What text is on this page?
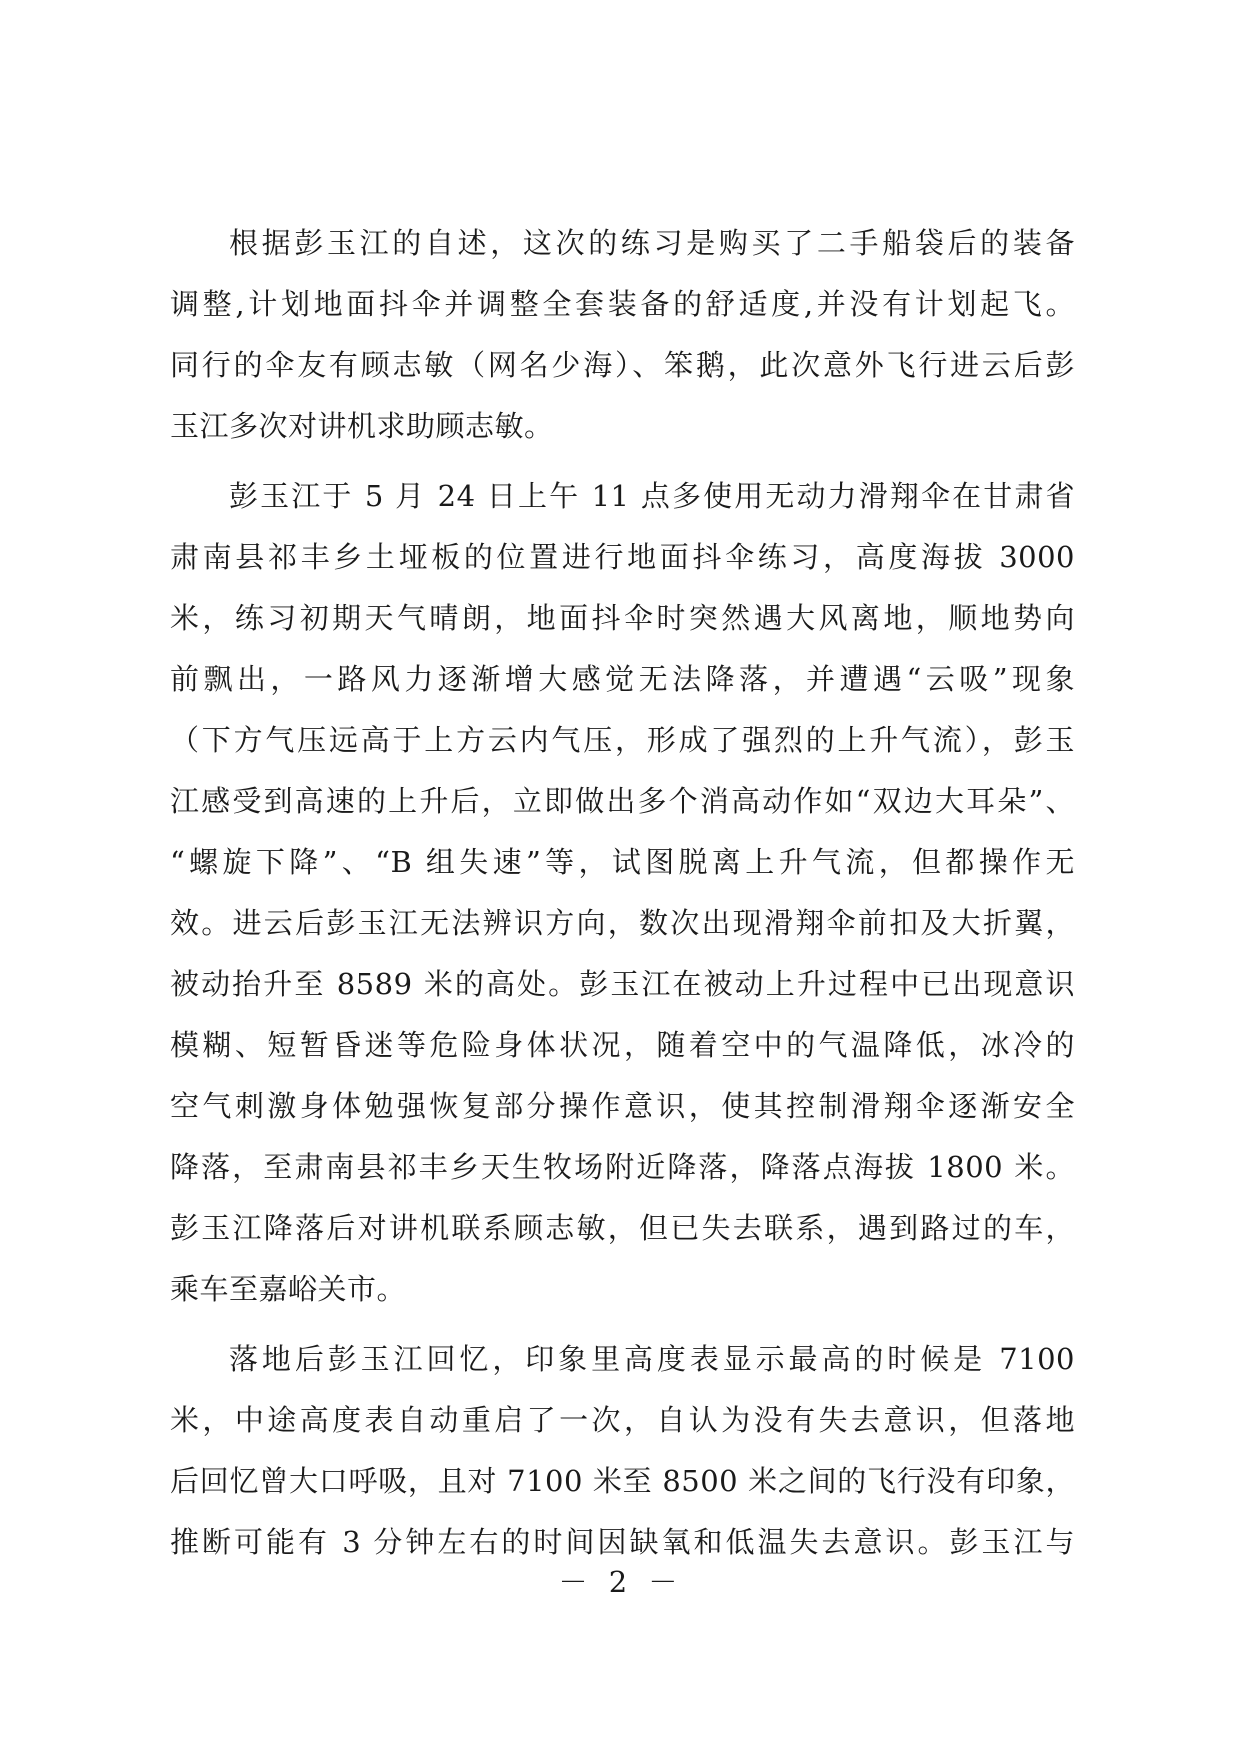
根据彭玉江的自述，这次的练习是购买了二手船袋后的装备
调整,计划地面抖伞并调整全套装备的舒适度,并没有计划起飞。
同行的伞友有顾志敏（网名少海）、笨鹅，此次意外飞行进云后彭
玉江多次对讲机求助顾志敏。
彭玉江于 5 月 24 日上午 11 点多使用无动力滑翔伞在甘肃省
肃南县祁丰乡土垭板的位置进行地面抖伞练习，高度海拔 3000
米，练习初期天气晴朗，地面抖伞时突然遇大风离地，顺地势向
前飘出，一路风力逐渐增大感觉无法降落，并遭遇“云吸”现象
（下方气压远高于上方云内气压，形成了强烈的上升气流），彭玉
江感受到高速的上升后，立即做出多个消高动作如“双边大耳朵”、
“螺旋下降”、“B 组失速”等，试图脱离上升气流，但都操作无
效。进云后彭玉江无法辨识方向，数次出现滑翔伞前扣及大折翼，
被动抬升至 8589 米的高处。彭玉江在被动上升过程中已出现意识
模糊、短暂昏迷等危险身体状况，随着空中的气温降低，冰冷的
空气刺激身体勉强恢复部分操作意识，使其控制滑翔伞逐渐安全
降落，至肃南县祁丰乡天生牧场附近降落，降落点海拔 1800 米。
彭玉江降落后对讲机联系顾志敏，但已失去联系，遇到路过的车，
乘车至嘉峪关市。
落地后彭玉江回忆，印象里高度表显示最高的时候是 7100
米，中途高度表自动重启了一次，自认为没有失去意识，但落地
后回忆曾大口呼吸，且对 7100 米至 8500 米之间的飞行没有印象，
推断可能有 3 分钟左右的时间因缺氧和低温失去意识。彭玉江与
－ 2 －
